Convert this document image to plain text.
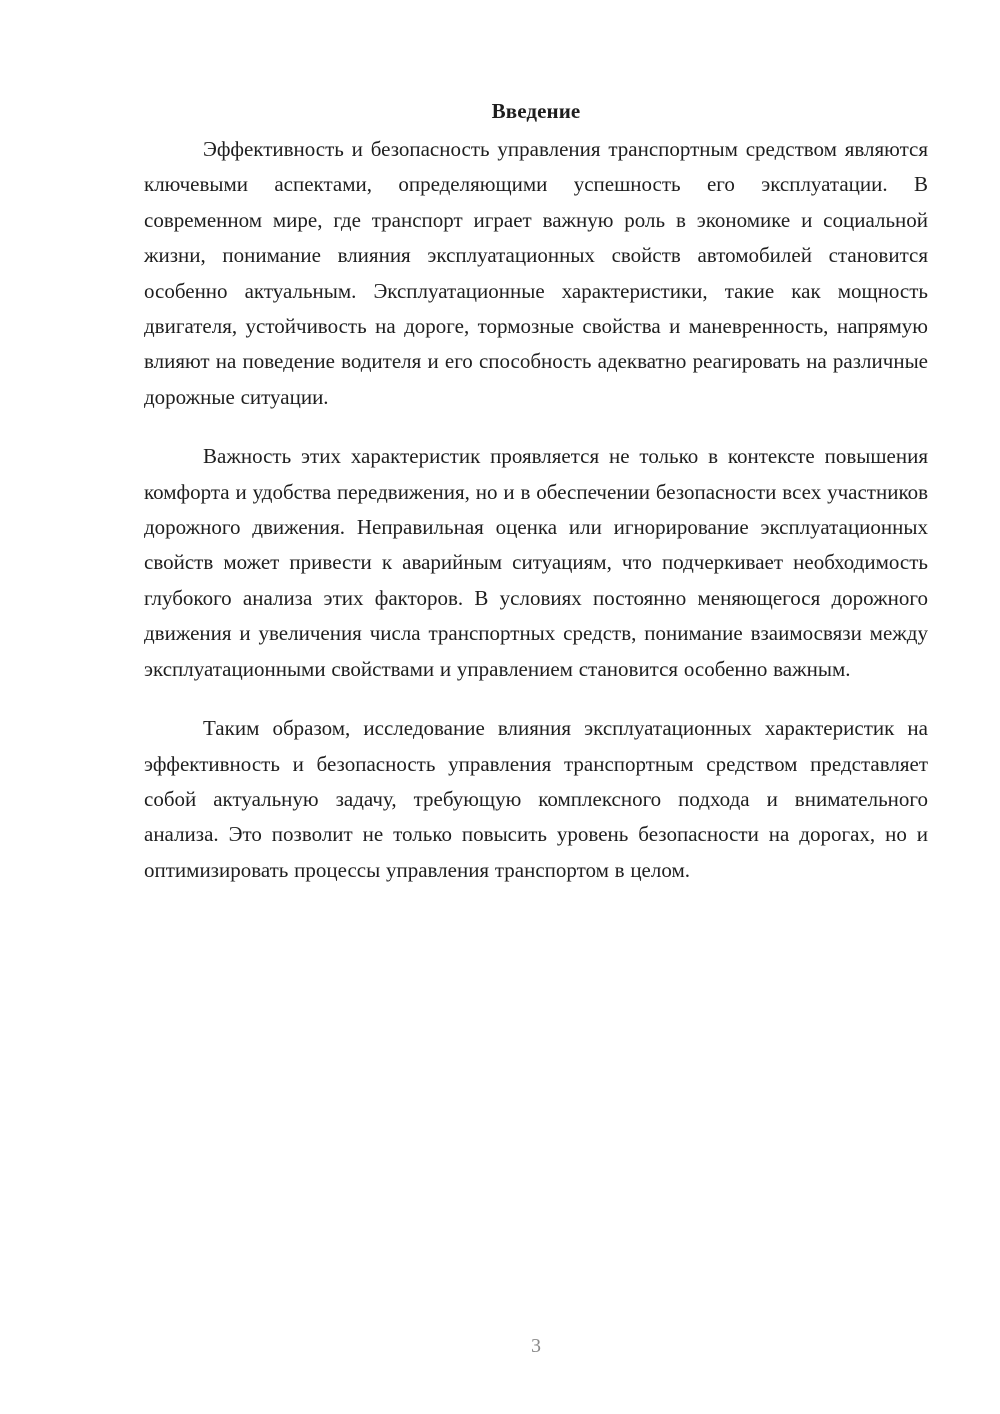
Введение

Эффективность и безопасность управления транспортным средством являются ключевыми аспектами, определяющими успешность его эксплуатации. В современном мире, где транспорт играет важную роль в экономике и социальной жизни, понимание влияния эксплуатационных свойств автомобилей становится особенно актуальным. Эксплуатационные характеристики, такие как мощность двигателя, устойчивость на дороге, тормозные свойства и маневренность, напрямую влияют на поведение водителя и его способность адекватно реагировать на различные дорожные ситуации.

Важность этих характеристик проявляется не только в контексте повышения комфорта и удобства передвижения, но и в обеспечении безопасности всех участников дорожного движения. Неправильная оценка или игнорирование эксплуатационных свойств может привести к аварийным ситуациям, что подчеркивает необходимость глубокого анализа этих факторов. В условиях постоянно меняющегося дорожного движения и увеличения числа транспортных средств, понимание взаимосвязи между эксплуатационными свойствами и управлением становится особенно важным.

Таким образом, исследование влияния эксплуатационных характеристик на эффективность и безопасность управления транспортным средством представляет собой актуальную задачу, требующую комплексного подхода и внимательного анализа. Это позволит не только повысить уровень безопасности на дорогах, но и оптимизировать процессы управления транспортом в целом.

3
